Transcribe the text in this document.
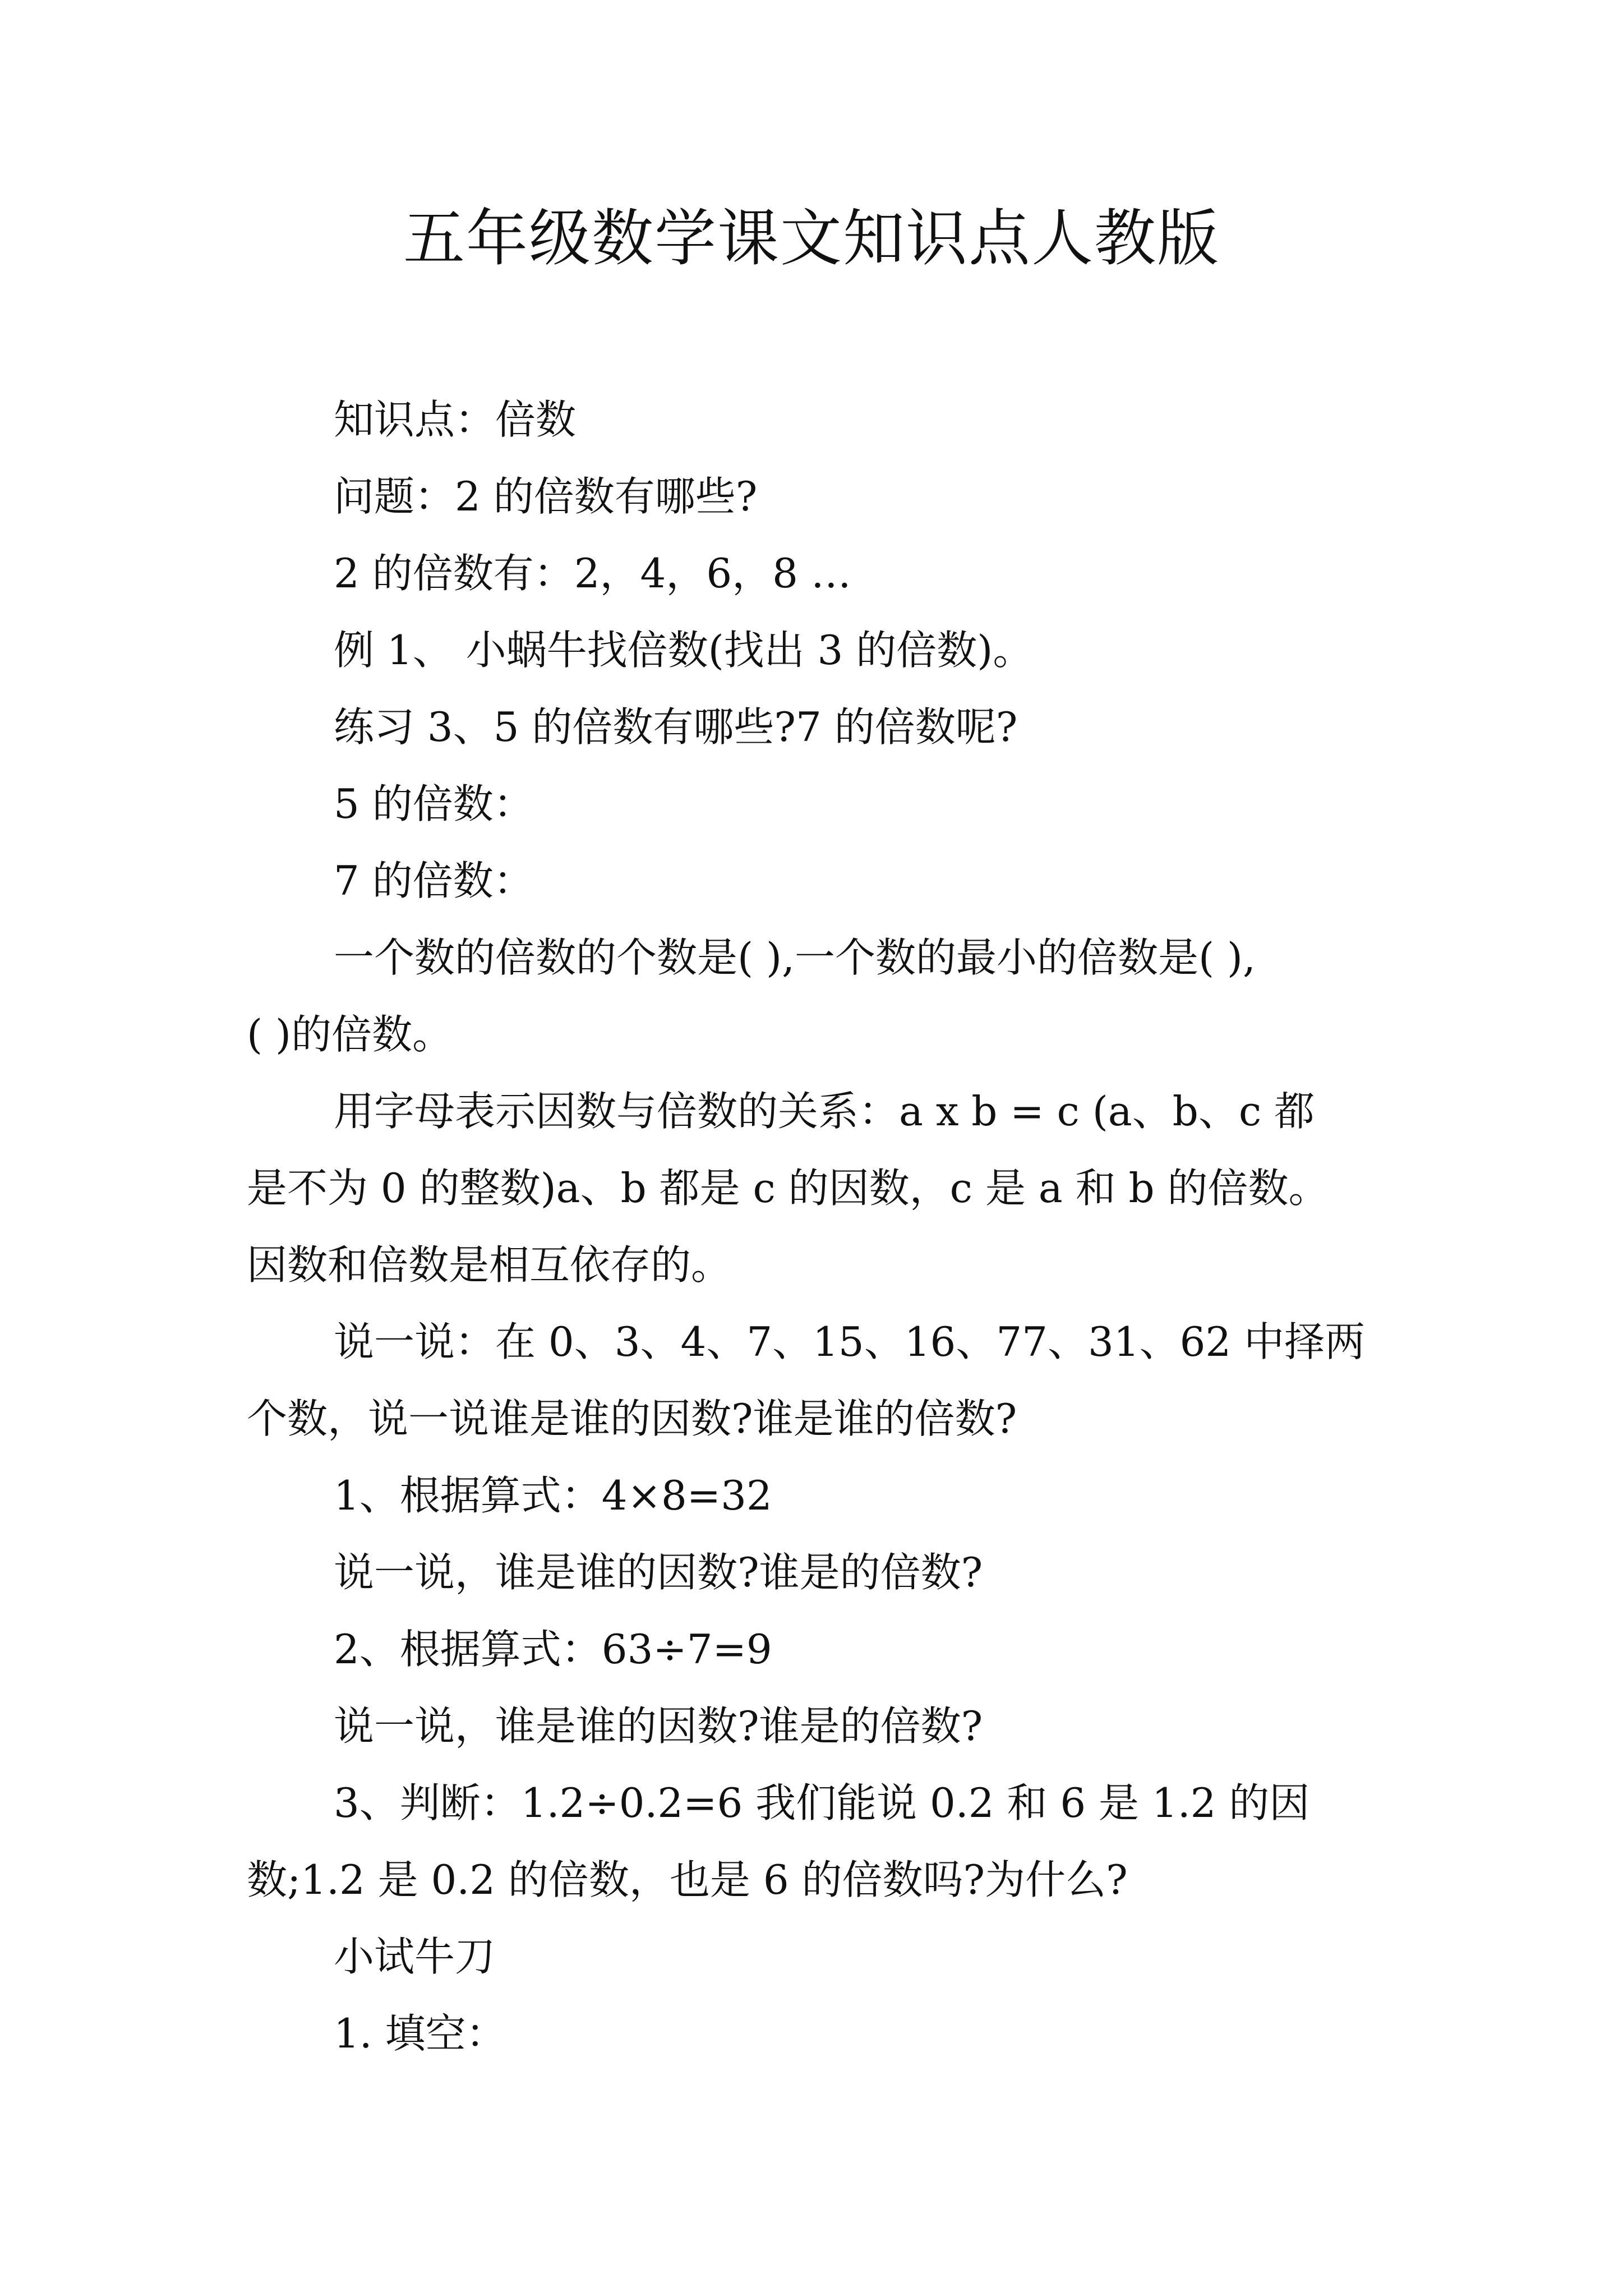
五年级数学课文知识点人教版
知识点：倍数
问题：2 的倍数有哪些?
2 的倍数有：2，4，6，8 …
例 1、 小蜗牛找倍数(找出 3 的倍数)。
练习 3、5 的倍数有哪些?7 的倍数呢?
5 的倍数：
7 的倍数：
一个数的倍数的个数是( ),一个数的最小的倍数是( ),
( )的倍数。
用字母表示因数与倍数的关系：a x b = c (a、b、c 都
是不为 0 的整数)a、b 都是 c 的因数，c 是 a 和 b 的倍数。
因数和倍数是相互依存的。
说一说：在 0、3、4、7、15、16、77、31、62 中择两
个数，说一说谁是谁的因数?谁是谁的倍数?
1、根据算式：4×8=32
说一说，谁是谁的因数?谁是的倍数?
2、根据算式：63÷7=9
说一说，谁是谁的因数?谁是的倍数?
3、判断：1.2÷0.2=6 我们能说 0.2 和 6 是 1.2 的因
数;1.2 是 0.2 的倍数，也是 6 的倍数吗?为什么?
小试牛刀
1. 填空：
